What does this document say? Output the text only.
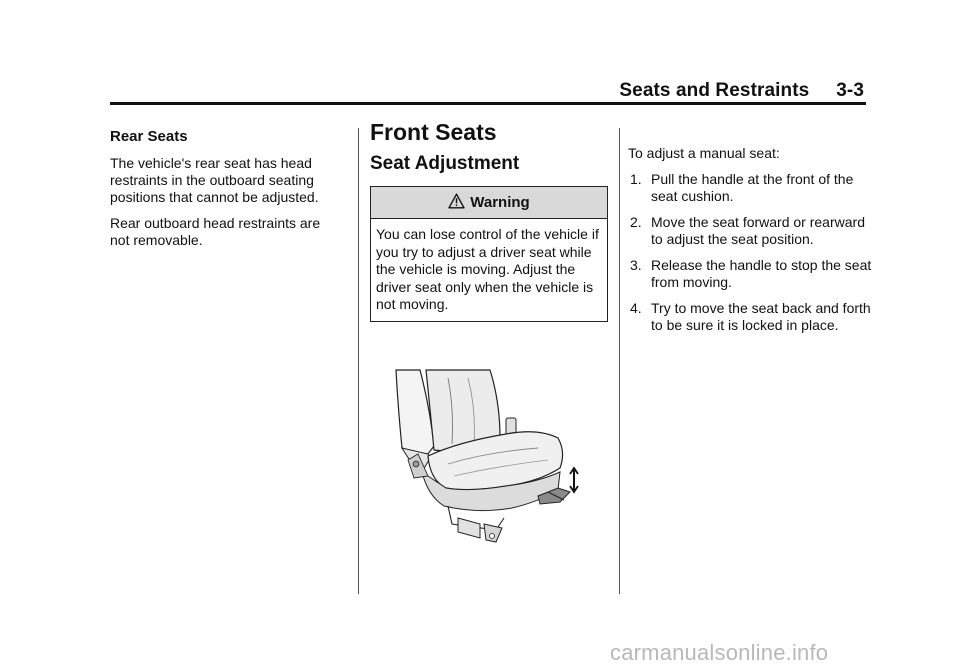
Seats and Restraints     3-3
Rear Seats

The vehicle's rear seat has head restraints in the outboard seating positions that cannot be adjusted.

Rear outboard head restraints are not removable.

Front Seats
Seat Adjustment
Warning
You can lose control of the vehicle if you try to adjust a driver seat while the vehicle is moving. Adjust the driver seat only when the vehicle is not moving.

To adjust a manual seat:

1. Pull the handle at the front of the seat cushion.
2. Move the seat forward or rearward to adjust the seat position.
3. Release the handle to stop the seat from moving.
4. Try to move the seat back and forth to be sure it is locked in place.
carmanualsonline.info
